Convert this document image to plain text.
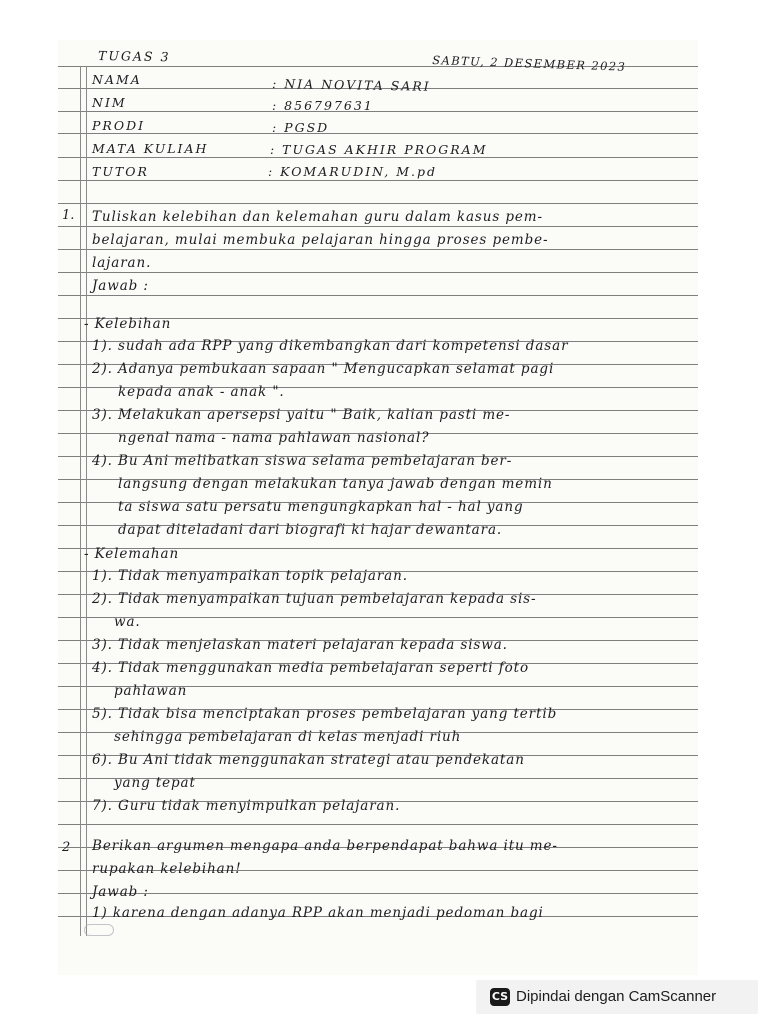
TUGAS 3	SABTU, 2 DESEMBER 2023
NAMA	: NIA NOVITA SARI
NIM	: 856797631
PRODI	: PGSD
MATA KULIAH	: TUGAS AKHIR PROGRAM
TUTOR	: KOMARUDIN, M.pd
1. Tuliskan kelebihan dan kelemahan guru dalam kasus pem-
belajaran, mulai membuka pelajaran hingga proses pembe-
lajaran.
Jawab :
- Kelebihan
1). sudah ada RPP yang dikembangkan dari kompetensi dasar
2). Adanya pembukaan sapaan " Mengucapkan selamat pagi
kepada anak - anak ".
3). Melakukan apersepsi yaitu " Baik, kalian pasti me-
ngenal nama - nama pahlawan nasional?
4). Bu Ani melibatkan siswa selama pembelajaran ber-
langsung dengan melakukan tanya jawab dengan memin
ta siswa satu persatu mengungkapkan hal - hal yang
dapat diteladani dari biografi ki hajar dewantara.
- Kelemahan
1). Tidak menyampaikan topik pelajaran.
2). Tidak menyampaikan tujuan pembelajaran kepada sis-
wa.
3). Tidak menjelaskan materi pelajaran kepada siswa.
4). Tidak menggunakan media pembelajaran seperti foto
pahlawan
5). Tidak bisa menciptakan proses pembelajaran yang tertib
sehingga pembelajaran di kelas menjadi riuh
6). Bu Ani tidak menggunakan strategi atau pendekatan
yang tepat
7). Guru tidak menyimpulkan pelajaran.
2 Berikan argumen mengapa anda berpendapat bahwa itu me-
rupakan kelebihan!
Jawab :
1) karena dengan adanya RPP akan menjadi pedoman bagi
CS Dipindai dengan CamScanner
